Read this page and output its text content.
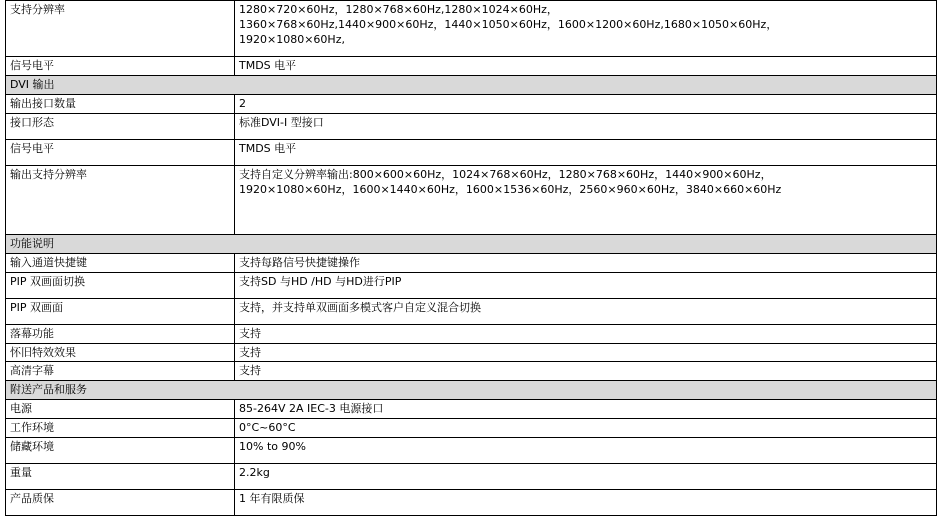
支持分辨率	1280×720×60Hz，1280×768×60Hz,1280×1024×60Hz，
1360×768×60Hz,1440×900×60Hz，1440×1050×60Hz，1600×1200×60Hz,1680×1050×60Hz，
1920×1080×60Hz,
信号电平	TMDS 电平
DVI 输出	
输出接口数量	2
接口形态	标准DVI-I 型接口
信号电平	TMDS 电平
输出支持分辨率	支持自定义分辨率输出:800×600×60Hz，1024×768×60Hz，1280×768×60Hz，1440×900×60Hz，
1920×1080×60Hz，1600×1440×60Hz，1600×1536×60Hz，2560×960×60Hz，3840×660×60Hz
功能说明	
输入通道快捷键	支持每路信号快捷键操作
PIP 双画面切换	支持SD 与HD /HD 与HD进行PIP
PIP 双画面	支持，并支持单双画面多模式客户自定义混合切换
落幕功能	支持
怀旧特效效果	支持
高清字幕	支持
附送产品和服务	
电源	85-264V 2A IEC-3 电源接口
工作环境	0°C~60°C
储藏环境	10% to 90%
重量	2.2kg
产品质保	1 年有限质保
